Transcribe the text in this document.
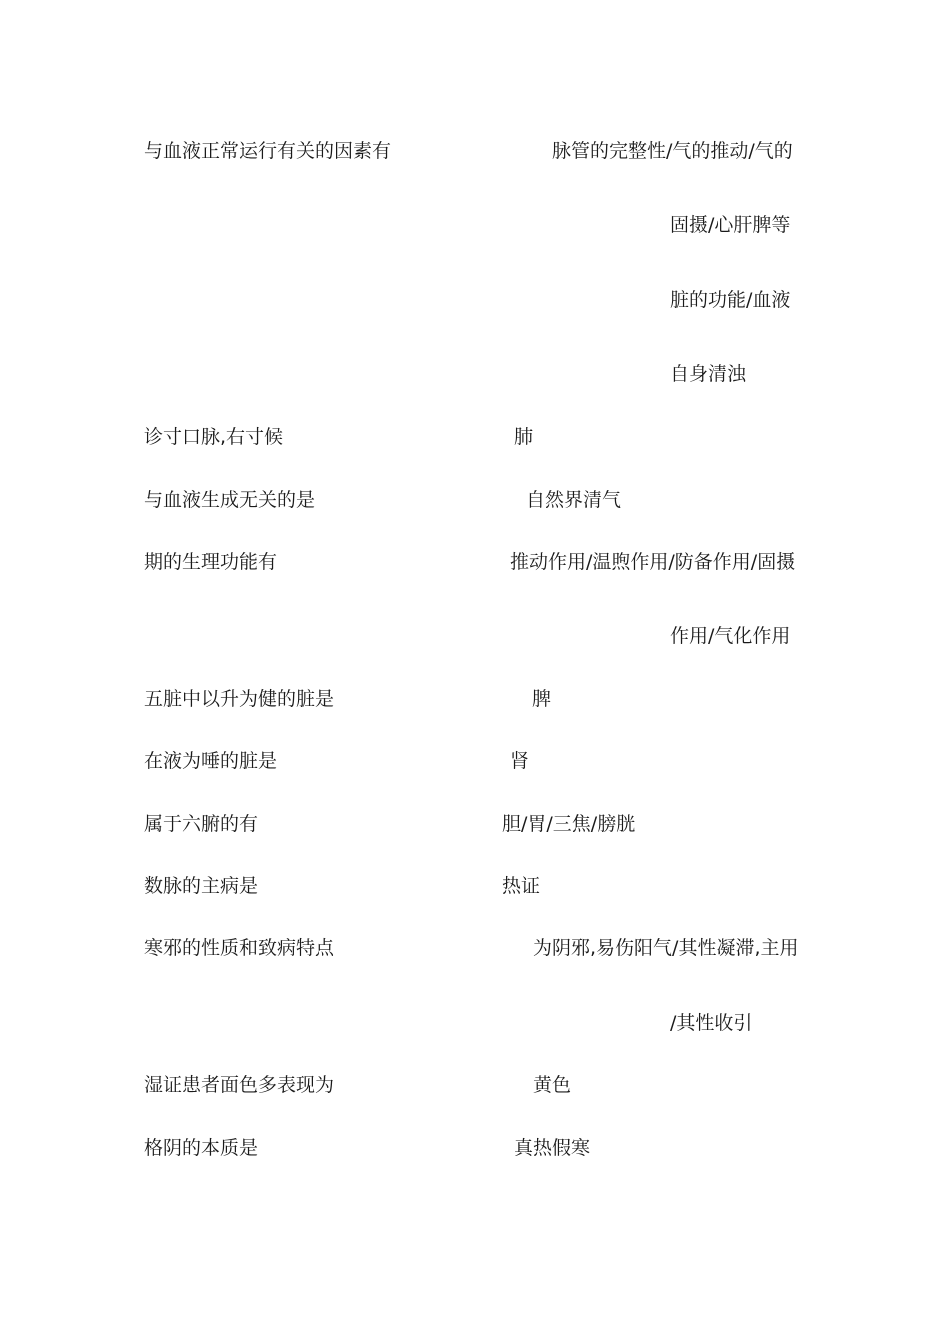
与血液正常运行有关的因素有	脉管的完整性/气的推动/气的
固摄/心肝脾等
脏的功能/血液
自身清浊
诊寸口脉,右寸候	肺
与血液生成无关的是	自然界清气
期的生理功能有	推动作用/温煦作用/防备作用/固摄
作用/气化作用
五脏中以升为健的脏是	脾
在液为唾的脏是	肾
属于六腑的有	胆/胃/三焦/膀胱
数脉的主病是	热证
寒邪的性质和致病特点	为阴邪,易伤阳气/其性凝滞,主用
/其性收引
湿证患者面色多表现为	黄色
格阴的本质是	真热假寒
